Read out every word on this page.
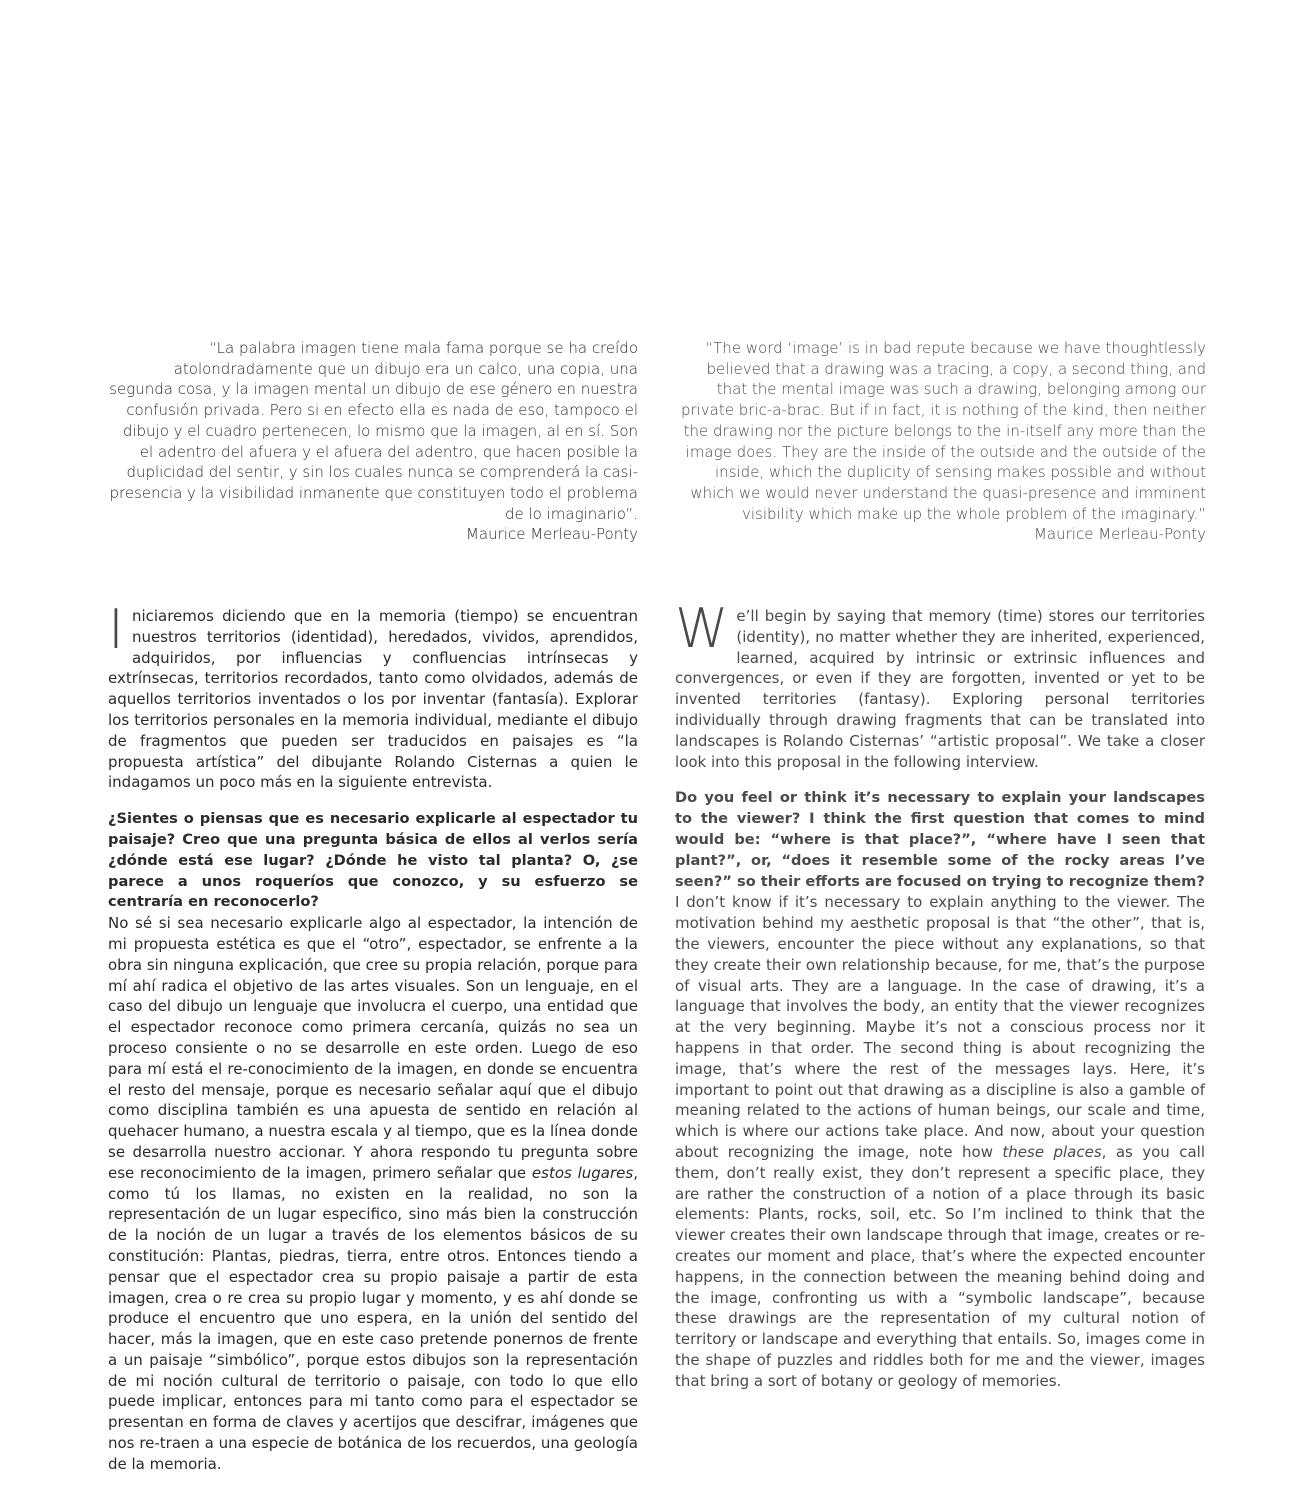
“La palabra imagen tiene mala fama porque se ha creído atolondradamente que un dibujo era un calco, una copia, una segunda cosa, y la imagen mental un dibujo de ese género en nuestra confusión privada. Pero si en efecto ella es nada de eso, tampoco el dibujo y el cuadro pertenecen, lo mismo que la imagen, al en sí. Son el adentro del afuera y el afuera del adentro, que hacen posible la duplicidad del sentir, y sin los cuales nunca se comprenderá la casi-presencia y la visibilidad inmanente que constituyen todo el problema de lo imaginario”.

Maurice Merleau-Ponty

“The word ‘image’ is in bad repute because we have thoughtlessly believed that a drawing was a tracing, a copy, a second thing, and that the mental image was such a drawing, belonging among our private bric-a-brac. But if in fact, it is nothing of the kind, then neither the drawing nor the picture belongs to the in-itself any more than the image does. They are the inside of the outside and the outside of the inside, which the duplicity of sensing makes possible and without which we would never understand the quasi-presence and imminent visibility which make up the whole problem of the imaginary.”

Maurice Merleau-Ponty

Iniciaremos diciendo que en la memoria (tiempo) se encuentran nuestros territorios (identidad), heredados, vividos, aprendidos, adquiridos, por influencias y confluencias intrínsecas y extrínsecas, territorios recordados, tanto como olvidados, además de aquellos territorios inventados o los por inventar (fantasía). Explorar los territorios personales en la memoria individual, mediante el dibujo de fragmentos que pueden ser traducidos en paisajes es “la propuesta artística” del dibujante Rolando Cisternas a quien le indagamos un poco más en la siguiente entrevista.

¿Sientes o piensas que es necesario explicarle al espectador tu paisaje? Creo que una pregunta básica de ellos al verlos sería ¿dónde está ese lugar? ¿Dónde he visto tal planta? O, ¿se parece a unos roqueríos que conozco, y su esfuerzo se centraría en reconocerlo?

No sé si sea necesario explicarle algo al espectador, la intención de mi propuesta estética es que el “otro”, espectador, se enfrente a la obra sin ninguna explicación, que cree su propia relación, porque para mí ahí radica el objetivo de las artes visuales. Son un lenguaje, en el caso del dibujo un lenguaje que involucra el cuerpo, una entidad que el espectador reconoce como primera cercanía, quizás no sea un proceso consiente o no se desarrolle en este orden. Luego de eso para mí está el re-conocimiento de la imagen, en donde se encuentra el resto del mensaje, porque es necesario señalar aquí que el dibujo como disciplina también es una apuesta de sentido en relación al quehacer humano, a nuestra escala y al tiempo, que es la línea donde se desarrolla nuestro accionar. Y ahora respondo tu pregunta sobre ese reconocimiento de la imagen, primero señalar que estos lugares, como tú los llamas, no existen en la realidad, no son la representación de un lugar especifico, sino más bien la construcción de la noción de un lugar a través de los elementos básicos de su constitución: Plantas, piedras, tierra, entre otros. Entonces tiendo a pensar que el espectador crea su propio paisaje a partir de esta imagen, crea o re crea su propio lugar y momento, y es ahí donde se produce el encuentro que uno espera, en la unión del sentido del hacer, más la imagen, que en este caso pretende ponernos de frente a un paisaje “simbólico”, porque estos dibujos son la representación de mi noción cultural de territorio o paisaje, con todo lo que ello puede implicar, entonces para mi tanto como para el espectador se presentan en forma de claves y acertijos que descifrar, imágenes que nos re-traen a una especie de botánica de los recuerdos, una geología de la memoria.

We’ll begin by saying that memory (time) stores our territories (identity), no matter whether they are inherited, experienced, learned, acquired by intrinsic or extrinsic influences and convergences, or even if they are forgotten, invented or yet to be invented territories (fantasy). Exploring personal territories individually through drawing fragments that can be translated into landscapes is Rolando Cisternas’ “artistic proposal”. We take a closer look into this proposal in the following interview.

Do you feel or think it’s necessary to explain your landscapes to the viewer? I think the first question that comes to mind would be: “where is that place?”, “where have I seen that plant?”, or, “does it resemble some of the rocky areas I’ve seen?” so their efforts are focused on trying to recognize them?

I don’t know if it’s necessary to explain anything to the viewer. The motivation behind my aesthetic proposal is that “the other”, that is, the viewers, encounter the piece without any explanations, so that they create their own relationship because, for me, that’s the purpose of visual arts. They are a language. In the case of drawing, it’s a language that involves the body, an entity that the viewer recognizes at the very beginning. Maybe it’s not a conscious process nor it happens in that order. The second thing is about recognizing the image, that’s where the rest of the messages lays. Here, it’s important to point out that drawing as a discipline is also a gamble of meaning related to the actions of human beings, our scale and time, which is where our actions take place. And now, about your question about recognizing the image, note how these places, as you call them, don’t really exist, they don’t represent a specific place, they are rather the construction of a notion of a place through its basic elements: Plants, rocks, soil, etc. So I’m inclined to think that the viewer creates their own landscape through that image, creates or re-creates our moment and place, that’s where the expected encounter happens, in the connection between the meaning behind doing and the image, confronting us with a “symbolic landscape”, because these drawings are the representation of my cultural notion of territory or landscape and everything that entails. So, images come in the shape of puzzles and riddles both for me and the viewer, images that bring a sort of botany or geology of memories.
